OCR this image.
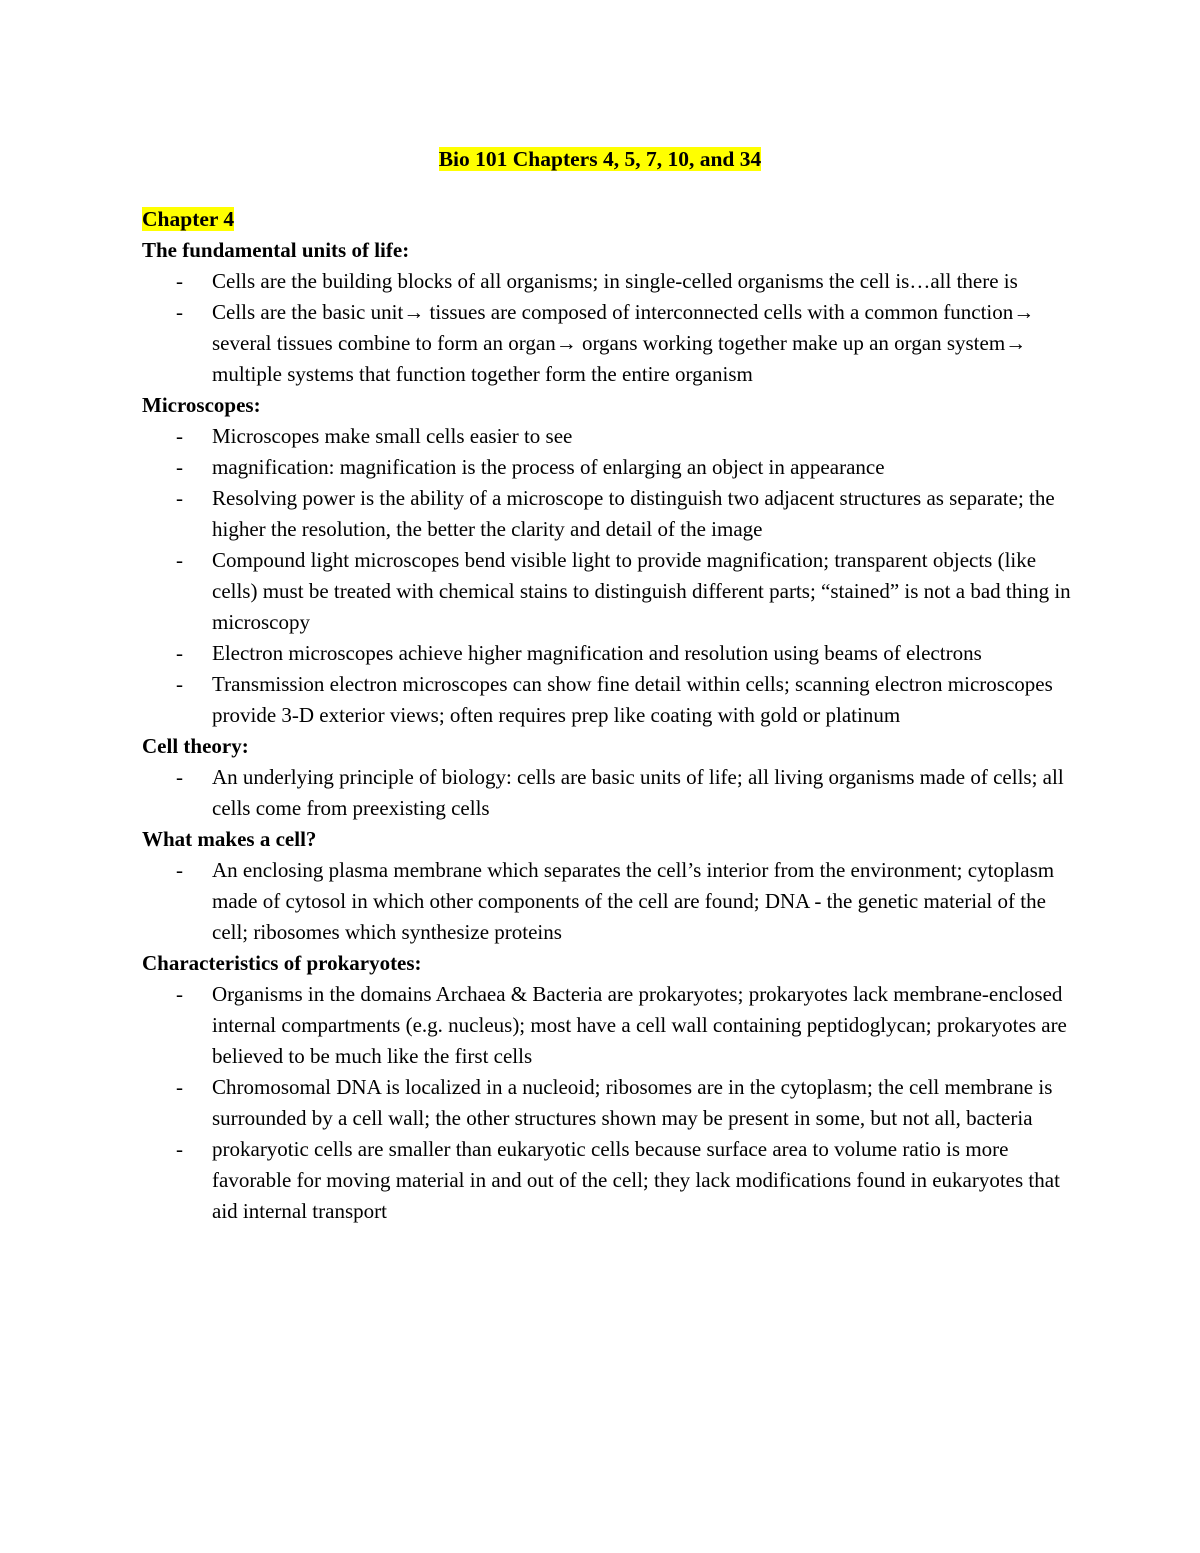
Bio 101 Chapters 4, 5, 7, 10, and 34
Chapter 4
The fundamental units of life:
- Cells are the building blocks of all organisms; in single-celled organisms the cell is…all there is
- Cells are the basic unit→ tissues are composed of interconnected cells with a common function→ several tissues combine to form an organ→ organs working together make up an organ system→ multiple systems that function together form the entire organism
Microscopes:
- Microscopes make small cells easier to see
- magnification: magnification is the process of enlarging an object in appearance
- Resolving power is the ability of a microscope to distinguish two adjacent structures as separate; the higher the resolution, the better the clarity and detail of the image
- Compound light microscopes bend visible light to provide magnification; transparent objects (like cells) must be treated with chemical stains to distinguish different parts; “stained” is not a bad thing in microscopy
- Electron microscopes achieve higher magnification and resolution using beams of electrons
- Transmission electron microscopes can show fine detail within cells; scanning electron microscopes provide 3-D exterior views; often requires prep like coating with gold or platinum
Cell theory:
- An underlying principle of biology: cells are basic units of life; all living organisms made of cells; all cells come from preexisting cells
What makes a cell?
- An enclosing plasma membrane which separates the cell’s interior from the environment; cytoplasm made of cytosol in which other components of the cell are found; DNA - the genetic material of the cell; ribosomes which synthesize proteins
Characteristics of prokaryotes:
- Organisms in the domains Archaea & Bacteria are prokaryotes; prokaryotes lack membrane-enclosed internal compartments (e.g. nucleus); most have a cell wall containing peptidoglycan; prokaryotes are believed to be much like the first cells
- Chromosomal DNA is localized in a nucleoid; ribosomes are in the cytoplasm; the cell membrane is surrounded by a cell wall; the other structures shown may be present in some, but not all, bacteria
- prokaryotic cells are smaller than eukaryotic cells because surface area to volume ratio is more favorable for moving material in and out of the cell; they lack modifications found in eukaryotes that aid internal transport
